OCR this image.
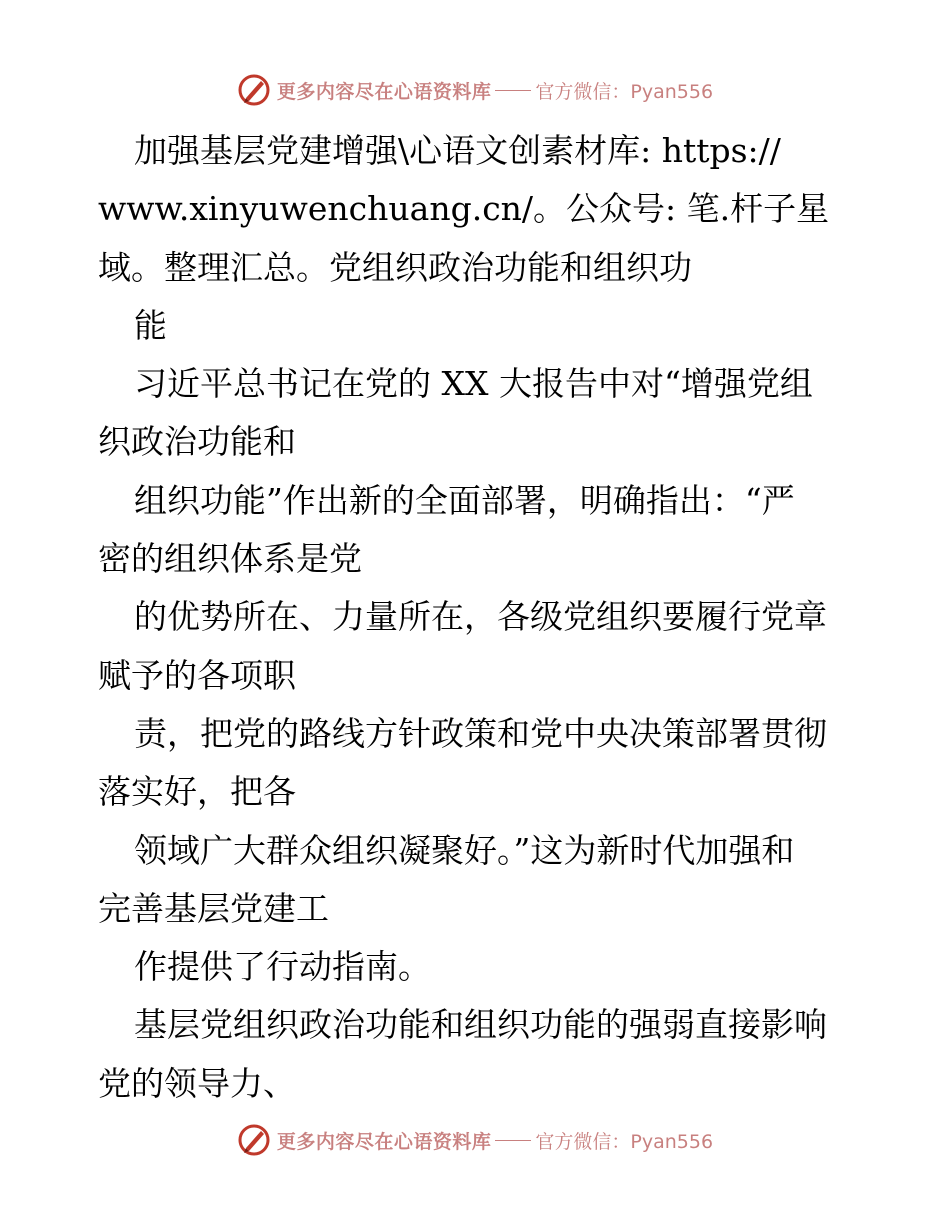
更多内容尽在心语资料库 官方微信：Pyan556
加强基层党建增强\心语文创素材库: https://
www.xinyuwenchuang.cn/。公众号: 笔.杆子星
域。整理汇总。党组织政治功能和组织功
能
习近平总书记在党的 XX 大报告中对“增强党组
织政治功能和
组织功能”作出新的全面部署，明确指出：“严
密的组织体系是党
的优势所在、力量所在，各级党组织要履行党章
赋予的各项职
责，把党的路线方针政策和党中央决策部署贯彻
落实好，把各
领域广大群众组织凝聚好。”这为新时代加强和
完善基层党建工
作提供了行动指南。
基层党组织政治功能和组织功能的强弱直接影响
党的领导力、
更多内容尽在心语资料库 官方微信：Pyan556
